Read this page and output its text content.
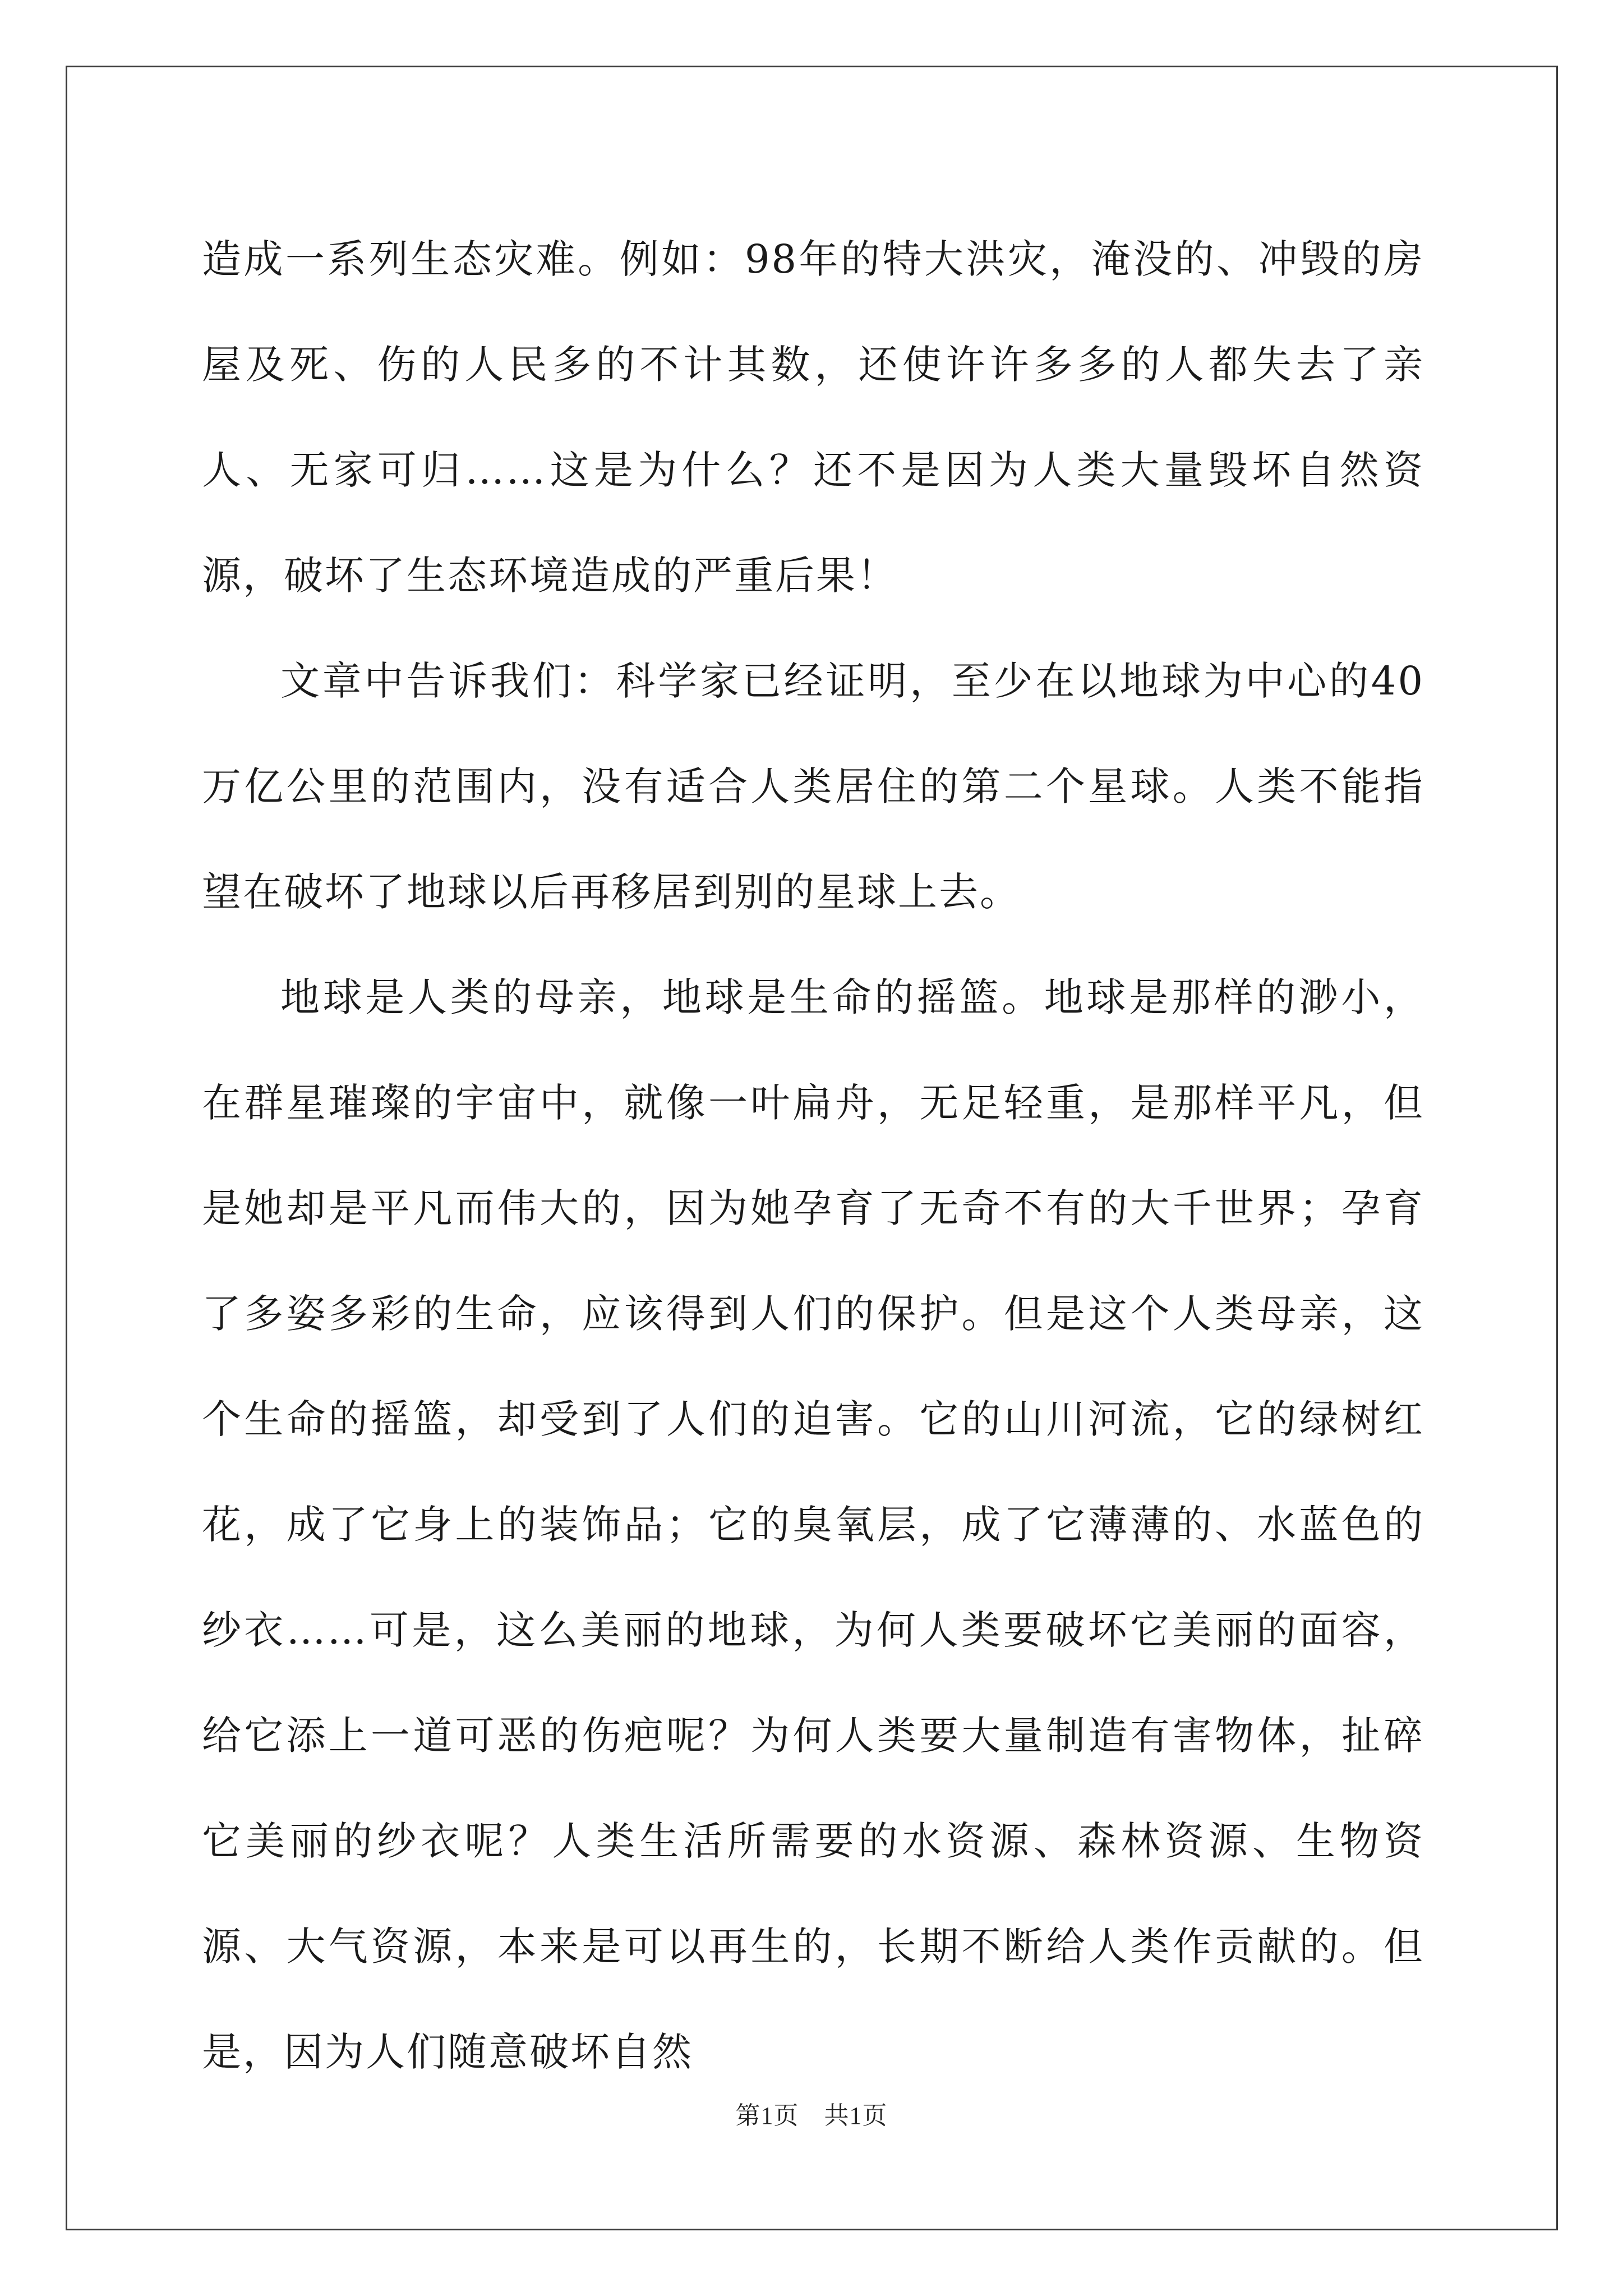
造成一系列生态灾难。例如：98年的特大洪灾，淹没的、冲毁的房屋及死、伤的人民多的不计其数，还使许许多多的人都失去了亲人、无家可归……这是为什么？还不是因为人类大量毁坏自然资源，破坏了生态环境造成的严重后果！

文章中告诉我们：科学家已经证明，至少在以地球为中心的40万亿公里的范围内，没有适合人类居住的第二个星球。人类不能指望在破坏了地球以后再移居到别的星球上去。

地球是人类的母亲，地球是生命的摇篮。地球是那样的渺小，在群星璀璨的宇宙中，就像一叶扁舟，无足轻重，是那样平凡，但是她却是平凡而伟大的，因为她孕育了无奇不有的大千世界；孕育了多姿多彩的生命，应该得到人们的保护。但是这个人类母亲，这个生命的摇篮，却受到了人们的迫害。它的山川河流，它的绿树红花，成了它身上的装饰品；它的臭氧层，成了它薄薄的、水蓝色的纱衣……可是，这么美丽的地球，为何人类要破坏它美丽的面容，给它添上一道可恶的伤疤呢？为何人类要大量制造有害物体，扯碎它美丽的纱衣呢？人类生活所需要的水资源、森林资源、生物资源、大气资源，本来是可以再生的，长期不断给人类作贡献的。但是，因为人们随意破坏自然

第1页　共1页
